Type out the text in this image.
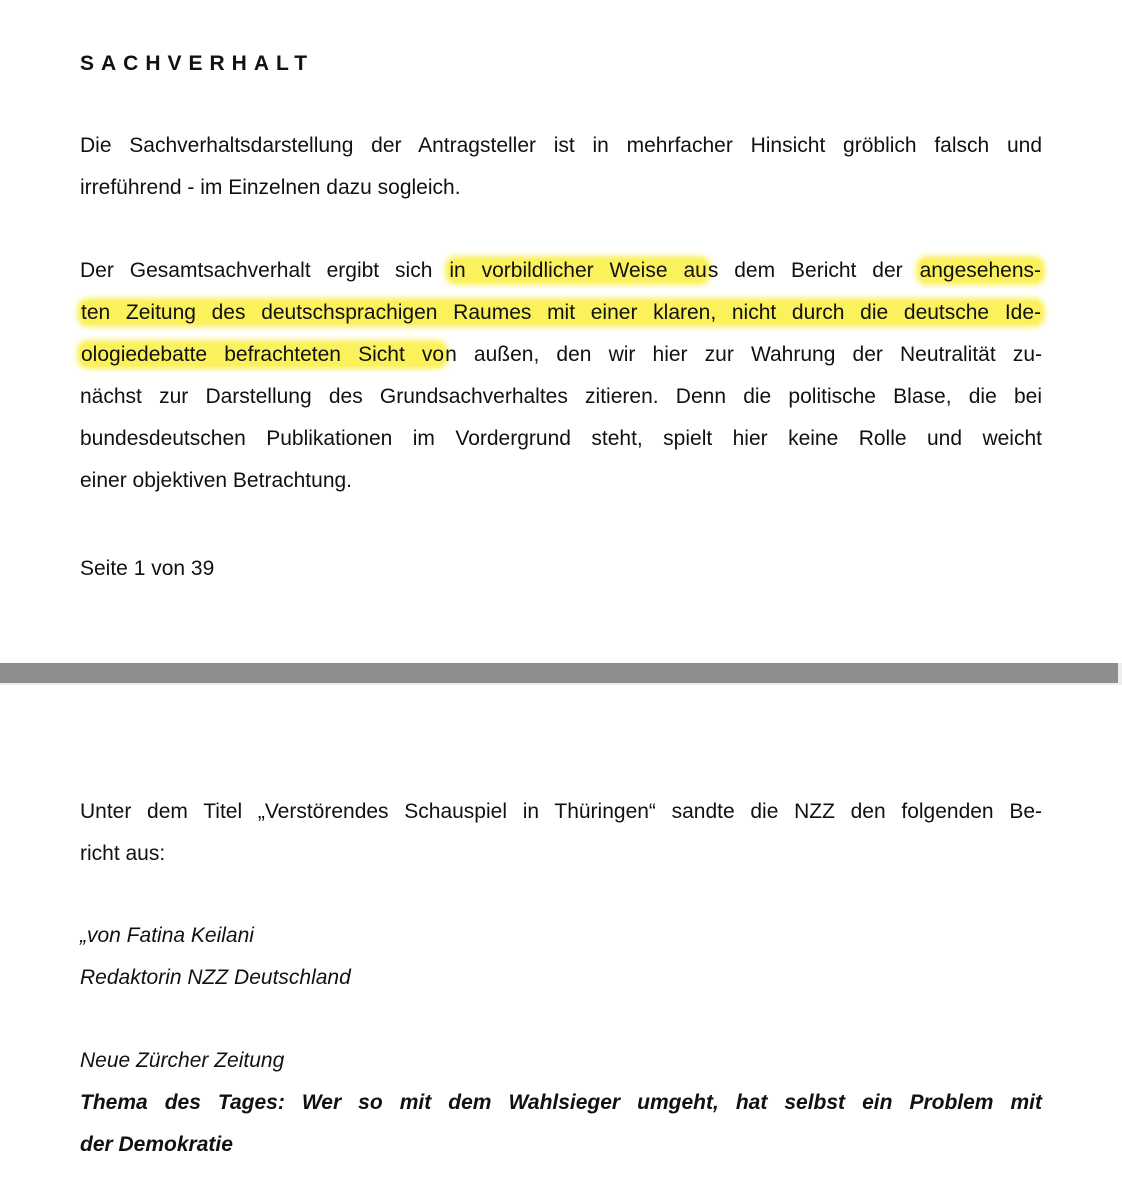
SACHVERHALT

Die Sachverhaltsdarstellung der Antragsteller ist in mehrfacher Hinsicht gröblich falsch und
irreführend - im Einzelnen dazu sogleich.

Der Gesamtsachverhalt ergibt sich in vorbildlicher Weise aus dem Bericht der angesehens-
ten Zeitung des deutschsprachigen Raumes mit einer klaren, nicht durch die deutsche Ide-
ologiedebatte befrachteten Sicht von außen, den wir hier zur Wahrung der Neutralität zu-
nächst zur Darstellung des Grundsachverhaltes zitieren. Denn die politische Blase, die bei
bundesdeutschen Publikationen im Vordergrund steht, spielt hier keine Rolle und weicht
einer objektiven Betrachtung.

Seite 1 von 39

Unter dem Titel „Verstörendes Schauspiel in Thüringen“ sandte die NZZ den folgenden Be-
richt aus:

„von Fatina Keilani
Redaktorin NZZ Deutschland

Neue Zürcher Zeitung
Thema des Tages: Wer so mit dem Wahlsieger umgeht, hat selbst ein Problem mit
der Demokratie
